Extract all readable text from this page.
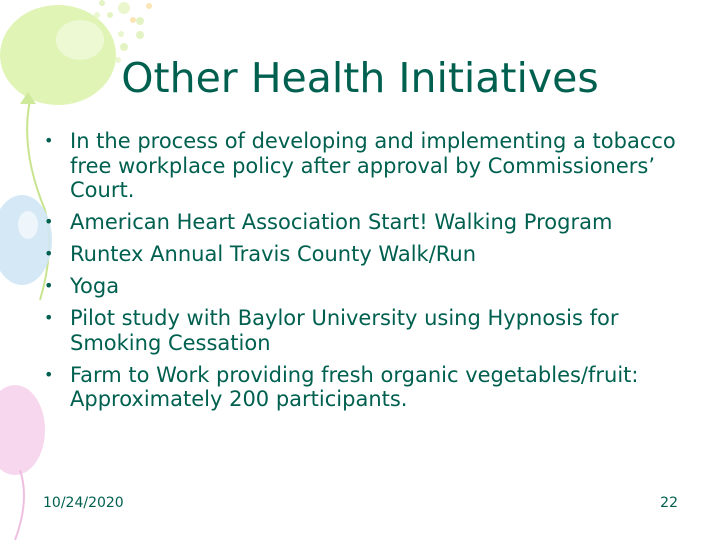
Other Health Initiatives
• In the process of developing and implementing a tobacco free workplace policy after approval by Commissioners’ Court.
• American Heart Association Start! Walking Program
• Runtex Annual Travis County Walk/Run
• Yoga
• Pilot study with Baylor University using Hypnosis for Smoking Cessation
• Farm to Work providing fresh organic vegetables/fruit: Approximately 200 participants.
10/24/2020	22
